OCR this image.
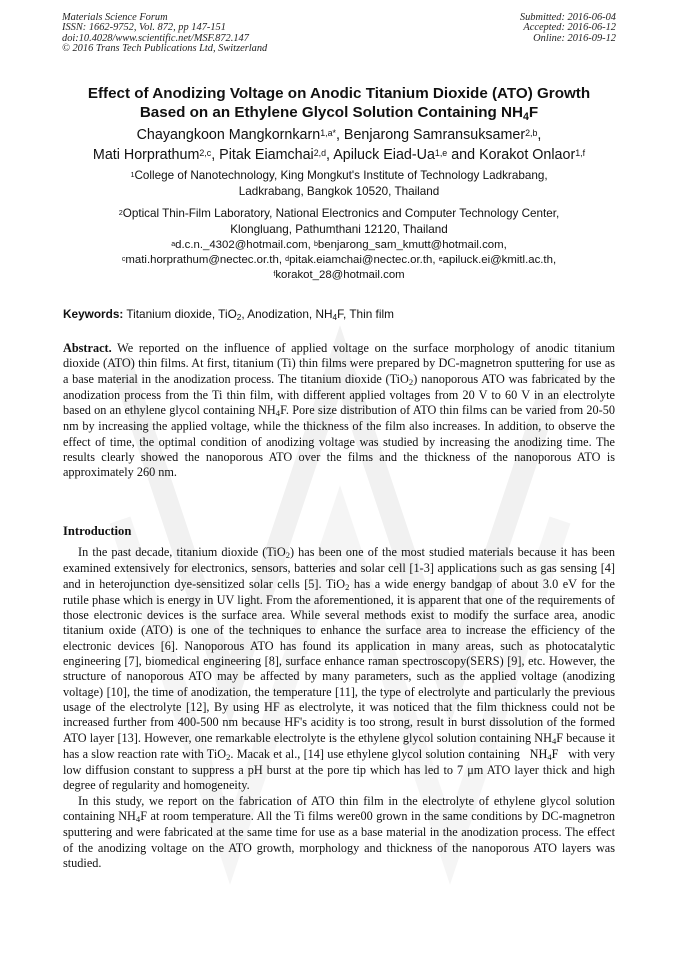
Materials Science Forum
ISSN: 1662-9752, Vol. 872, pp 147-151
doi:10.4028/www.scientific.net/MSF.872.147
© 2016 Trans Tech Publications Ltd, Switzerland
Submitted: 2016-06-04
Accepted: 2016-06-12
Online: 2016-09-12
Effect of Anodizing Voltage on Anodic Titanium Dioxide (ATO) Growth
Based on an Ethylene Glycol Solution Containing $NH_4F$
Chayangkoon Mangkornkarn$^{1,a*}$, Benjarong Samransuksamer$^{2,b}$,
Mati Horprathum$^{2,c}$, Pitak Eiamchai$^{2,d}$, Apiluck Eiad-Ua$^{1,e}$ and Korakot Onlaor$^{1,f}$
$^1$College of Nanotechnology, King Mongkut's Institute of Technology Ladkrabang,
Ladkrabang, Bangkok 10520, Thailand
$^2$Optical Thin-Film Laboratory, National Electronics and Computer Technology Center,
Klongluang, Pathumthani 12120, Thailand
$^a$d.c.n._4302@hotmail.com, $^b$benjarong_sam_kmutt@hotmail.com,
$^c$mati.horprathum@nectec.or.th, $^d$pitak.eiamchai@nectec.or.th, $^e$apiluck.ei@kmitl.ac.th,
$^f$korakot_28@hotmail.com
Keywords: Titanium dioxide, TiO$_2$, Anodization, $NH_4F$, Thin film
Abstract. We reported on the influence of applied voltage on the surface morphology of anodic titanium dioxide (ATO) thin films. At first, titanium (Ti) thin films were prepared by DC-magnetron sputtering for use as a base material in the anodization process. The titanium dioxide (TiO$_2$) nanoporous ATO was fabricated by the anodization process from the Ti thin film, with different applied voltages from 20 V to 60 V in an electrolyte based on an ethylene glycol containing $NH_4F$. Pore size distribution of ATO thin films can be varied from 20-50 nm by increasing the applied voltage, while the thickness of the film also increases. In addition, to observe the effect of time, the optimal condition of anodizing voltage was studied by increasing the anodizing time. The results clearly showed the nanoporous ATO over the films and the thickness of the nanoporous ATO is approximately 260 nm.
Introduction

In the past decade, titanium dioxide (TiO$_2$) has been one of the most studied materials because it has been examined extensively for electronics, sensors, batteries and solar cell [1-3] applications such as gas sensing [4] and in heterojunction dye-sensitized solar cells [5]. TiO$_2$ has a wide energy bandgap of about 3.0 eV for the rutile phase which is energy in UV light. From the aforementioned, it is apparent that one of the requirements of those electronic devices is the surface area. While several methods exist to modify the surface area, anodic titanium oxide (ATO) is one of the techniques to enhance the surface area to increase the efficiency of the electronic devices [6]. Nanoporous ATO has found its application in many areas, such as photocatalytic engineering [7], biomedical engineering [8], surface enhance raman spectroscopy(SERS) [9], etc. However, the structure of nanoporous ATO may be affected by many parameters, such as the applied voltage (anodizing voltage) [10], the time of anodization, the temperature [11], the type of electrolyte and particularly the previous usage of the electrolyte [12], By using HF as electrolyte, it was noticed that the film thickness could not be increased further from 400-500 nm because HF's acidity is too strong, result in burst dissolution of the formed ATO layer [13]. However, one remarkable electrolyte is the ethylene glycol solution containing $NH_4F$ because it has a slow reaction rate with TiO$_2$. Macak et al., [14] use ethylene glycol solution containing   $NH_4F$   with very low diffusion constant to suppress a pH burst at the pore tip which has led to 7 μm ATO layer thick and high degree of regularity and homogeneity.

In this study, we report on the fabrication of ATO thin film in the electrolyte of ethylene glycol solution containing $NH_4F$ at room temperature. All the Ti films were00 grown in the same conditions by DC-magnetron sputtering and were fabricated at the same time for use as a base material in the anodization process. The effect of the anodizing voltage on the ATO growth, morphology and thickness of the nanoporous ATO layers was studied.
